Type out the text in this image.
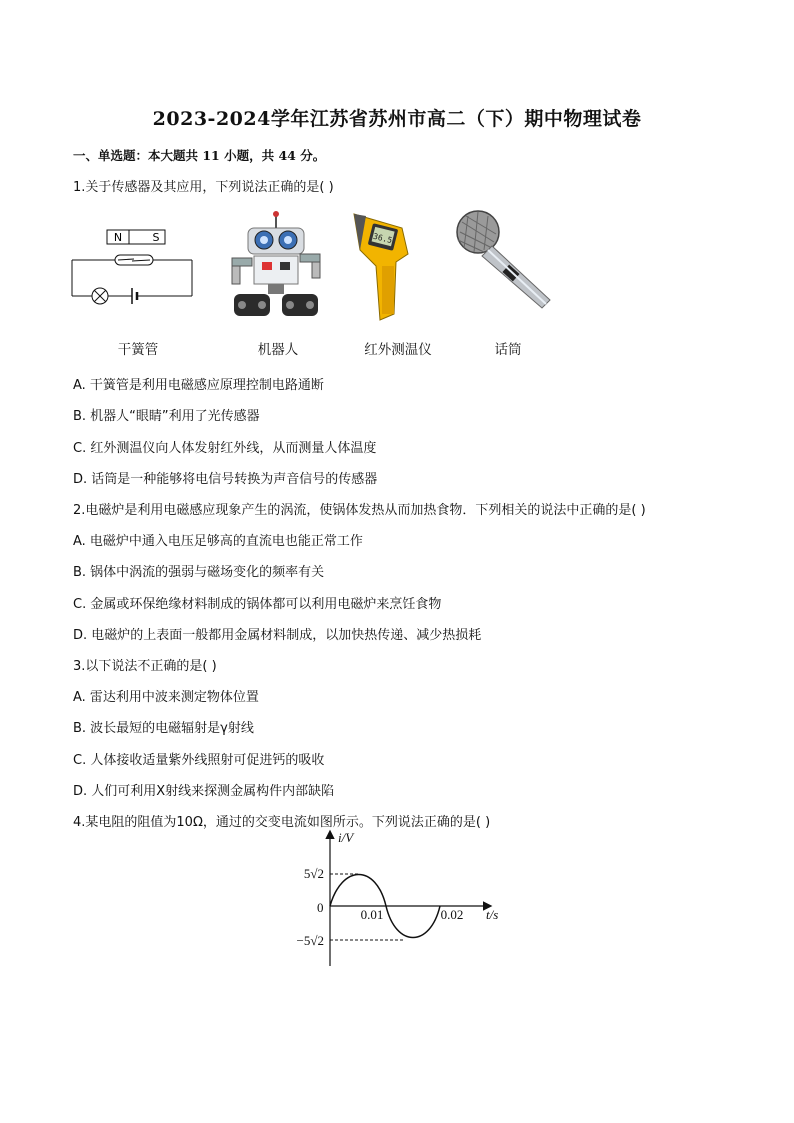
2023-2024学年江苏省苏州市高二（下）期中物理试卷
一、单选题：本大题共 11 小题，共 44 分。
1.关于传感器及其应用，下列说法正确的是( )
N	S	36.5
干簧管	机器人	红外测温仪	话筒
A. 干簧管是利用电磁感应原理控制电路通断
B. 机器人“眼睛”利用了光传感器
C. 红外测温仪向人体发射红外线，从而测量人体温度
D. 话筒是一种能够将电信号转换为声音信号的传感器
2.电磁炉是利用电磁感应现象产生的涡流，使锅体发热从而加热食物．下列相关的说法中正确的是( )
A. 电磁炉中通入电压足够高的直流电也能正常工作
B. 锅体中涡流的强弱与磁场变化的频率有关
C. 金属或环保绝缘材料制成的锅体都可以利用电磁炉来烹饪食物
D. 电磁炉的上表面一般都用金属材料制成，以加快热传递、减少热损耗
3.以下说法不正确的是( )
A. 雷达利用中波来测定物体位置
B. 波长最短的电磁辐射是γ射线
C. 人体接收适量紫外线照射可促进钙的吸收
D. 人们可利用X射线来探测金属构件内部缺陷
4.某电阻的阻值为10Ω，通过的交变电流如图所示。下列说法正确的是( )
i/V
t/s
0
5√2
−5√2
0.01	0.02
